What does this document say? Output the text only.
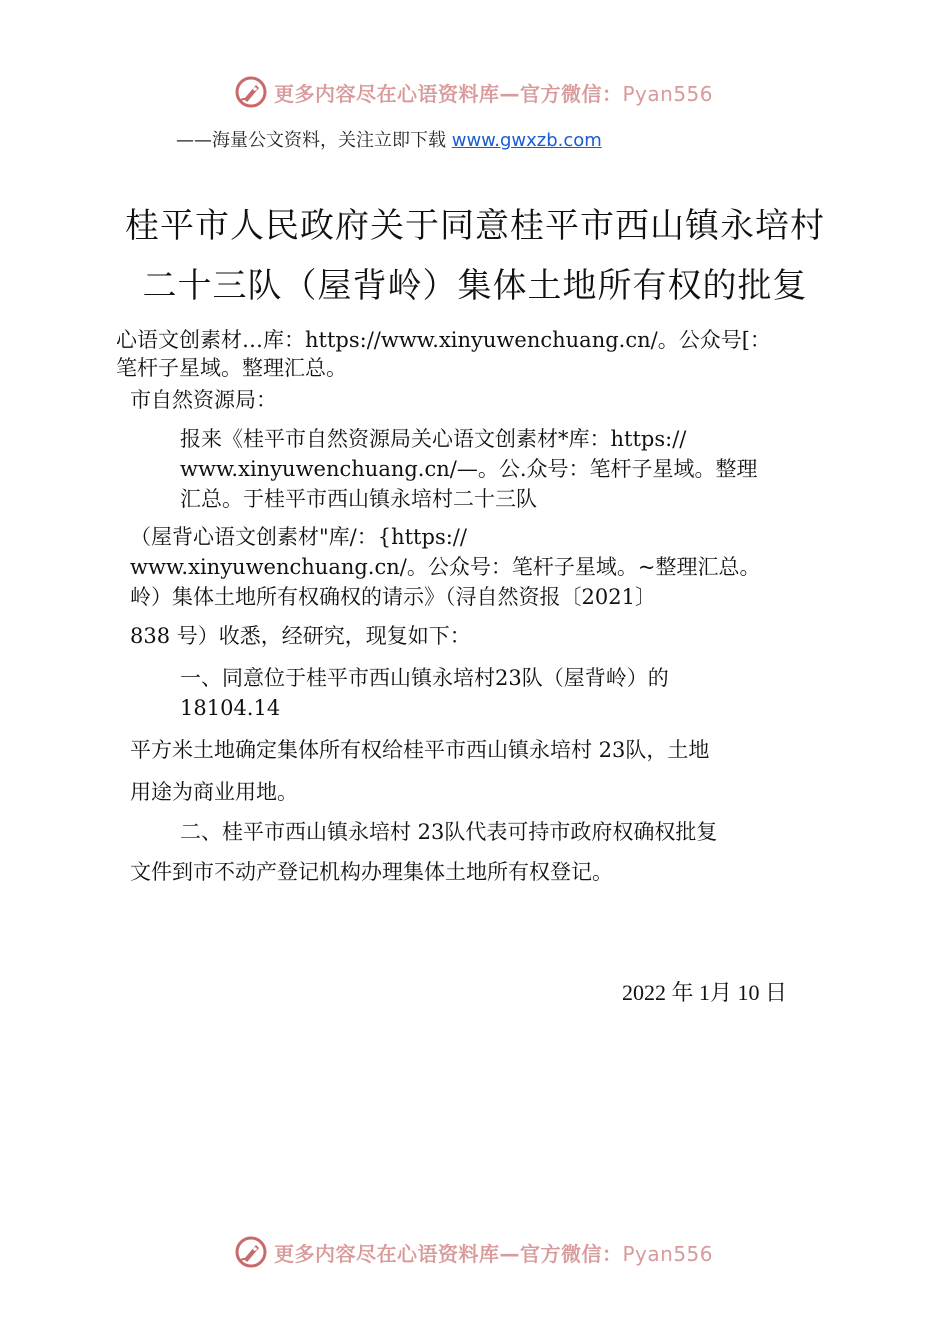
更多内容尽在心语资料库—官方微信：Pyan556
——海量公文资料，关注立即下载 www.gwxzb.com
桂平市人民政府关于同意桂平市西山镇永培村
二十三队（屋背岭）集体土地所有权的批复
心语文创素材…库：https://www.xinyuwenchuang.cn/。公众号[：
笔杆子星域。整理汇总。
市自然资源局：
报来《桂平市自然资源局关心语文创素材*库：https://
www.xinyuwenchuang.cn/—。公.众号：笔杆子星域。整理
汇总。于桂平市西山镇永培村二十三队
（屋背心语文创素材"库/：{https://
www.xinyuwenchuang.cn/。公众号：笔杆子星域。~整理汇总。
岭）集体土地所有权确权的请示》（浔自然资报〔2021〕
838 号）收悉，经研究，现复如下：
一、同意位于桂平市西山镇永培村23队（屋背岭）的
18104.14
平方米土地确定集体所有权给桂平市西山镇永培村 23队，土地
用途为商业用地。
二、桂平市西山镇永培村 23队代表可持市政府权确权批复
文件到市不动产登记机构办理集体土地所有权登记。
2022 年 1月 10 日
更多内容尽在心语资料库—官方微信：Pyan556
